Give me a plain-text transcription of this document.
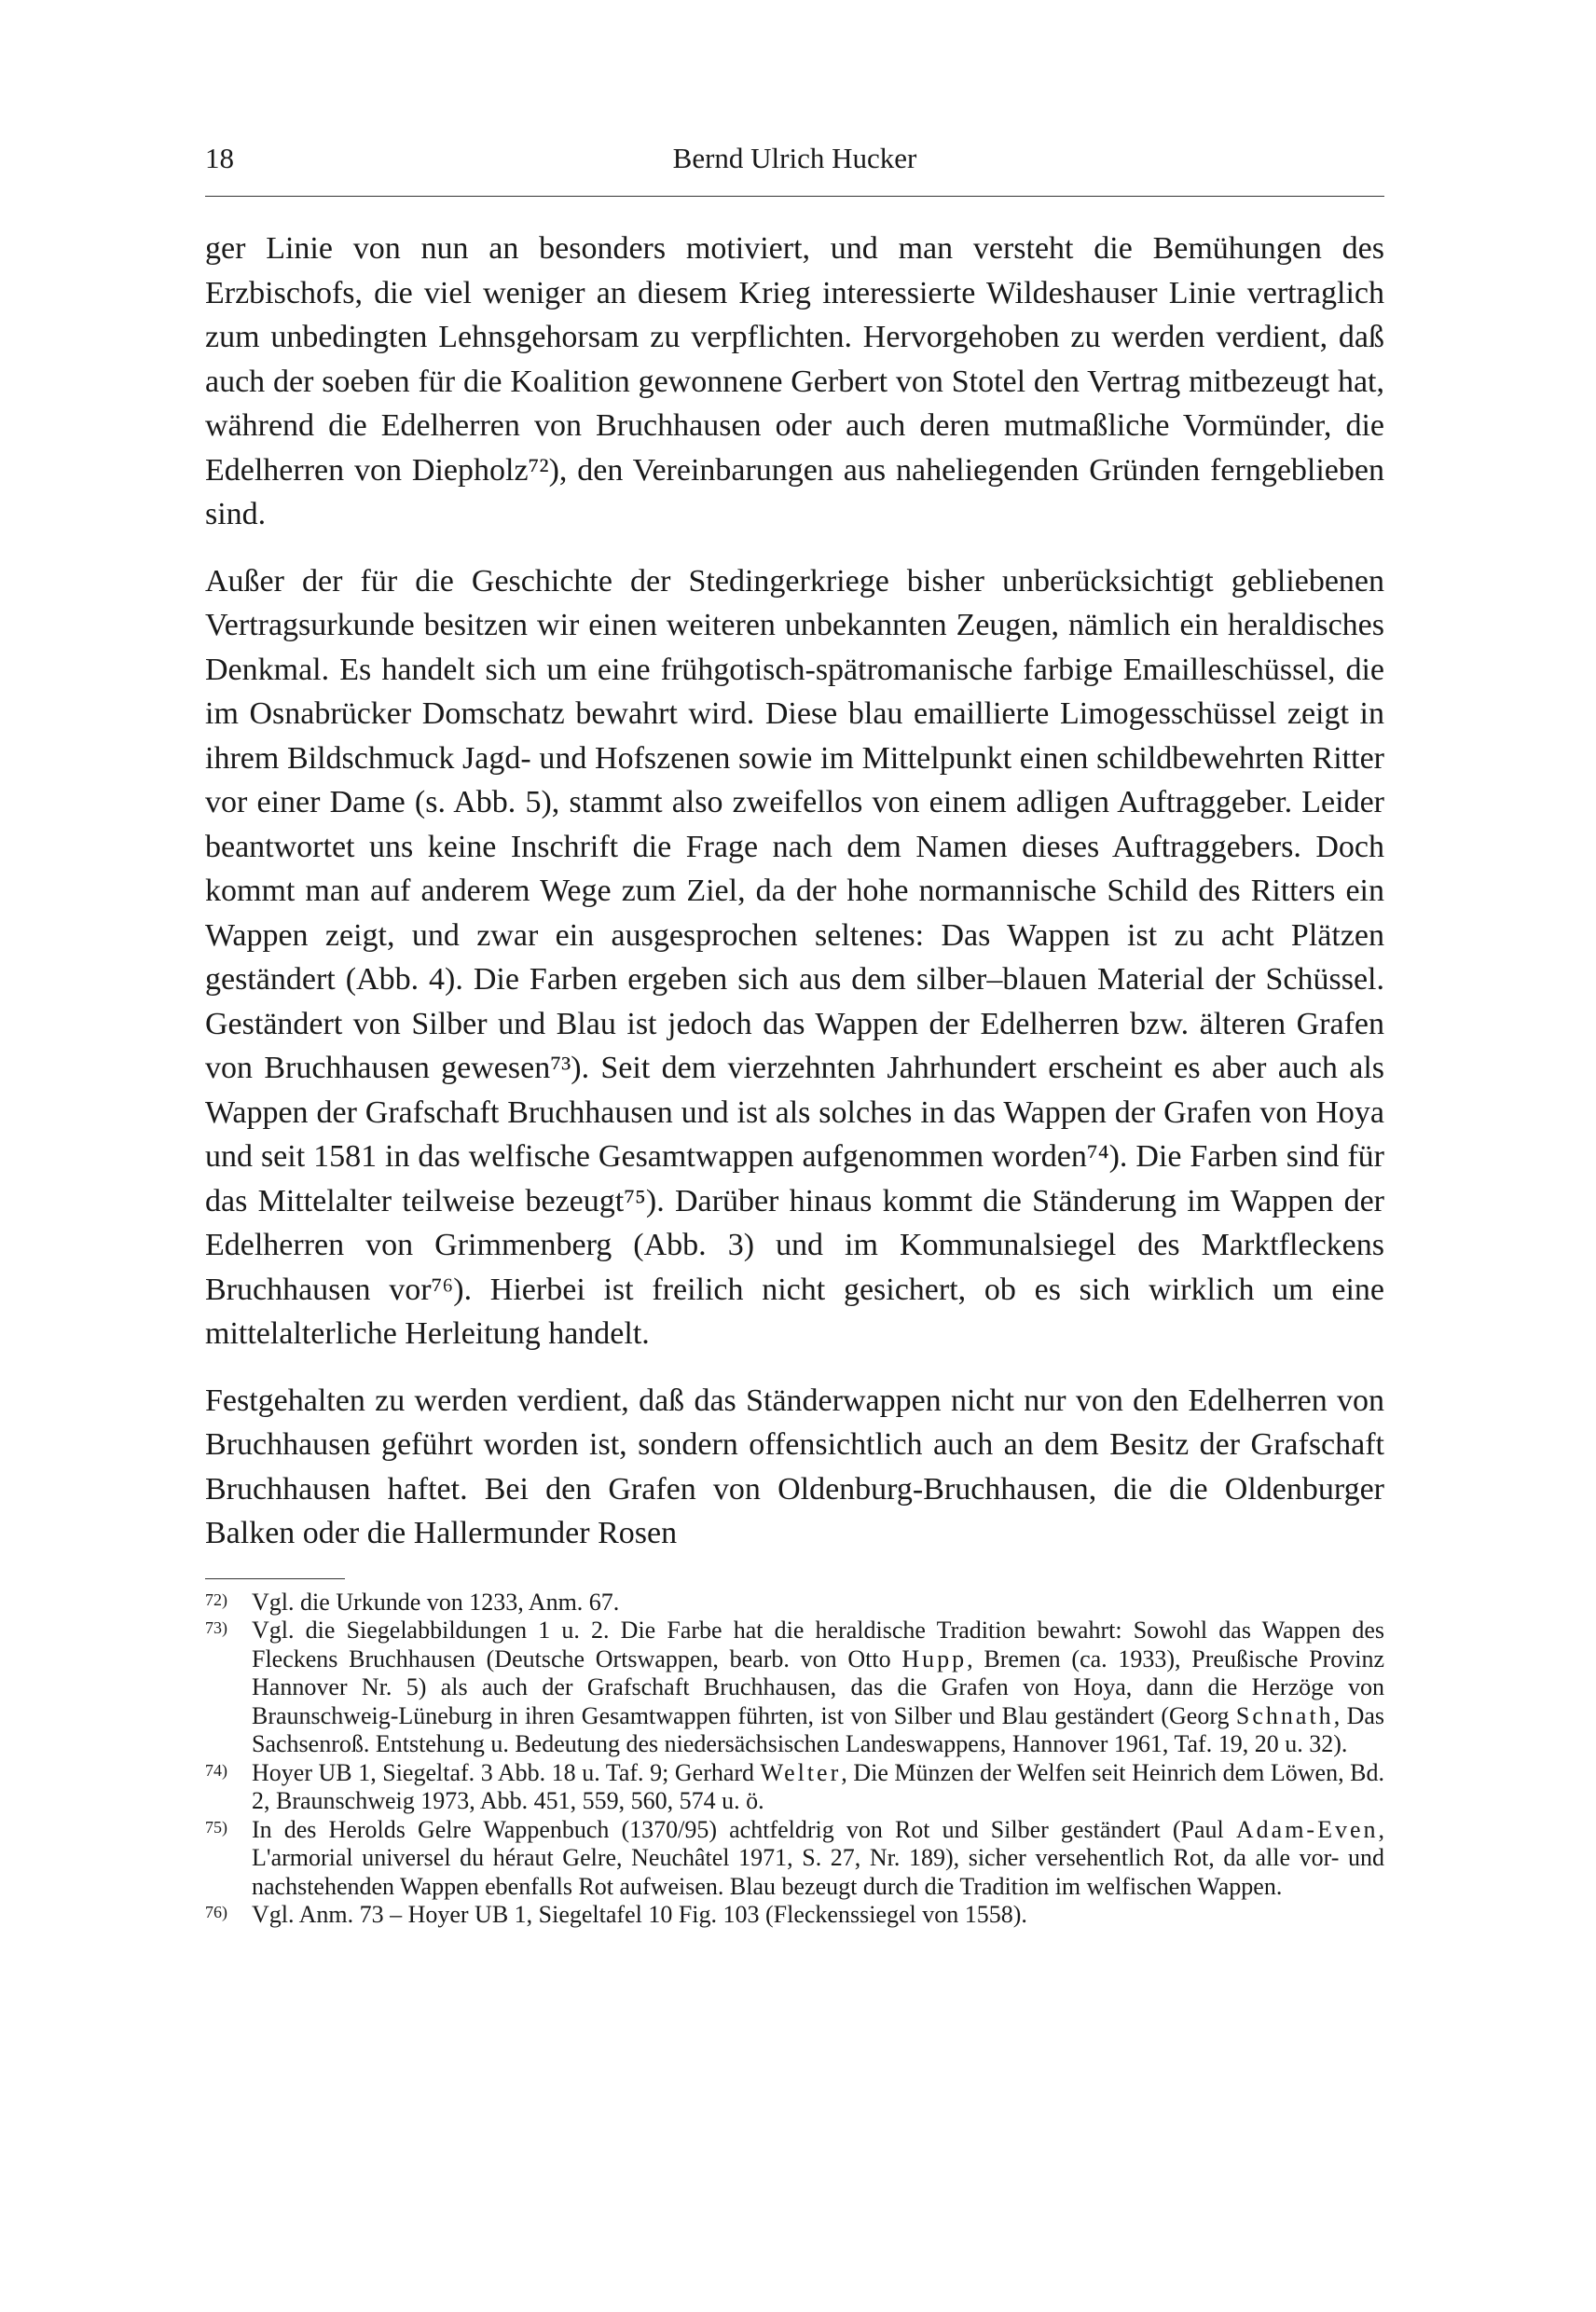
18	Bernd Ulrich Hucker

ger Linie von nun an besonders motiviert, und man versteht die Bemühungen des Erzbischofs, die viel weniger an diesem Krieg interessierte Wildeshauser Linie vertraglich zum unbedingten Lehnsgehorsam zu verpflichten. Hervorgehoben zu werden verdient, daß auch der soeben für die Koalition gewonnene Gerbert von Stotel den Vertrag mitbezeugt hat, während die Edelherren von Bruchhausen oder auch deren mutmaßliche Vormünder, die Edelherren von Diepholz⁷²), den Vereinbarungen aus naheliegenden Gründen ferngeblieben sind.

Außer der für die Geschichte der Stedingerkriege bisher unberücksichtigt gebliebenen Vertragsurkunde besitzen wir einen weiteren unbekannten Zeugen, nämlich ein heraldisches Denkmal. Es handelt sich um eine frühgotisch-spätromanische farbige Emailleschüssel, die im Osnabrücker Domschatz bewahrt wird. Diese blau emaillierte Limogesschüssel zeigt in ihrem Bildschmuck Jagd- und Hofszenen sowie im Mittelpunkt einen schildbewehrten Ritter vor einer Dame (s. Abb. 5), stammt also zweifellos von einem adligen Auftraggeber. Leider beantwortet uns keine Inschrift die Frage nach dem Namen dieses Auftraggebers. Doch kommt man auf anderem Wege zum Ziel, da der hohe normannische Schild des Ritters ein Wappen zeigt, und zwar ein ausgesprochen seltenes: Das Wappen ist zu acht Plätzen geständert (Abb. 4). Die Farben ergeben sich aus dem silber–blauen Material der Schüssel. Geständert von Silber und Blau ist jedoch das Wappen der Edelherren bzw. älteren Grafen von Bruchhausen gewesen⁷³). Seit dem vierzehnten Jahrhundert erscheint es aber auch als Wappen der Grafschaft Bruchhausen und ist als solches in das Wappen der Grafen von Hoya und seit 1581 in das welfische Gesamtwappen aufgenommen worden⁷⁴). Die Farben sind für das Mittelalter teilweise bezeugt⁷⁵). Darüber hinaus kommt die Ständerung im Wappen der Edelherren von Grimmenberg (Abb. 3) und im Kommunalsiegel des Marktfleckens Bruchhausen vor⁷⁶). Hierbei ist freilich nicht gesichert, ob es sich wirklich um eine mittelalterliche Herleitung handelt.

Festgehalten zu werden verdient, daß das Ständerwappen nicht nur von den Edelherren von Bruchhausen geführt worden ist, sondern offensichtlich auch an dem Besitz der Grafschaft Bruchhausen haftet. Bei den Grafen von Oldenburg-Bruchhausen, die die Oldenburger Balken oder die Hallermunder Rosen

72) Vgl. die Urkunde von 1233, Anm. 67.

73) Vgl. die Siegelabbildungen 1 u. 2. Die Farbe hat die heraldische Tradition bewahrt: Sowohl das Wappen des Fleckens Bruchhausen (Deutsche Ortswappen, bearb. von Otto Hupp, Bremen (ca. 1933), Preußische Provinz Hannover Nr. 5) als auch der Grafschaft Bruchhausen, das die Grafen von Hoya, dann die Herzöge von Braunschweig-Lüneburg in ihren Gesamtwappen führten, ist von Silber und Blau geständert (Georg Schnath, Das Sachsenroß. Entstehung u. Bedeutung des niedersächsischen Landeswappens, Hannover 1961, Taf. 19, 20 u. 32).

74) Hoyer UB 1, Siegeltaf. 3 Abb. 18 u. Taf. 9; Gerhard Welter, Die Münzen der Welfen seit Heinrich dem Löwen, Bd. 2, Braunschweig 1973, Abb. 451, 559, 560, 574 u. ö.

75) In des Herolds Gelre Wappenbuch (1370/95) achtfeldrig von Rot und Silber geständert (Paul Adam-Even, L'armorial universel du héraut Gelre, Neuchâtel 1971, S. 27, Nr. 189), sicher versehentlich Rot, da alle vor- und nachstehenden Wappen ebenfalls Rot aufweisen. Blau bezeugt durch die Tradition im welfischen Wappen.

76) Vgl. Anm. 73 – Hoyer UB 1, Siegeltafel 10 Fig. 103 (Fleckenssiegel von 1558).
